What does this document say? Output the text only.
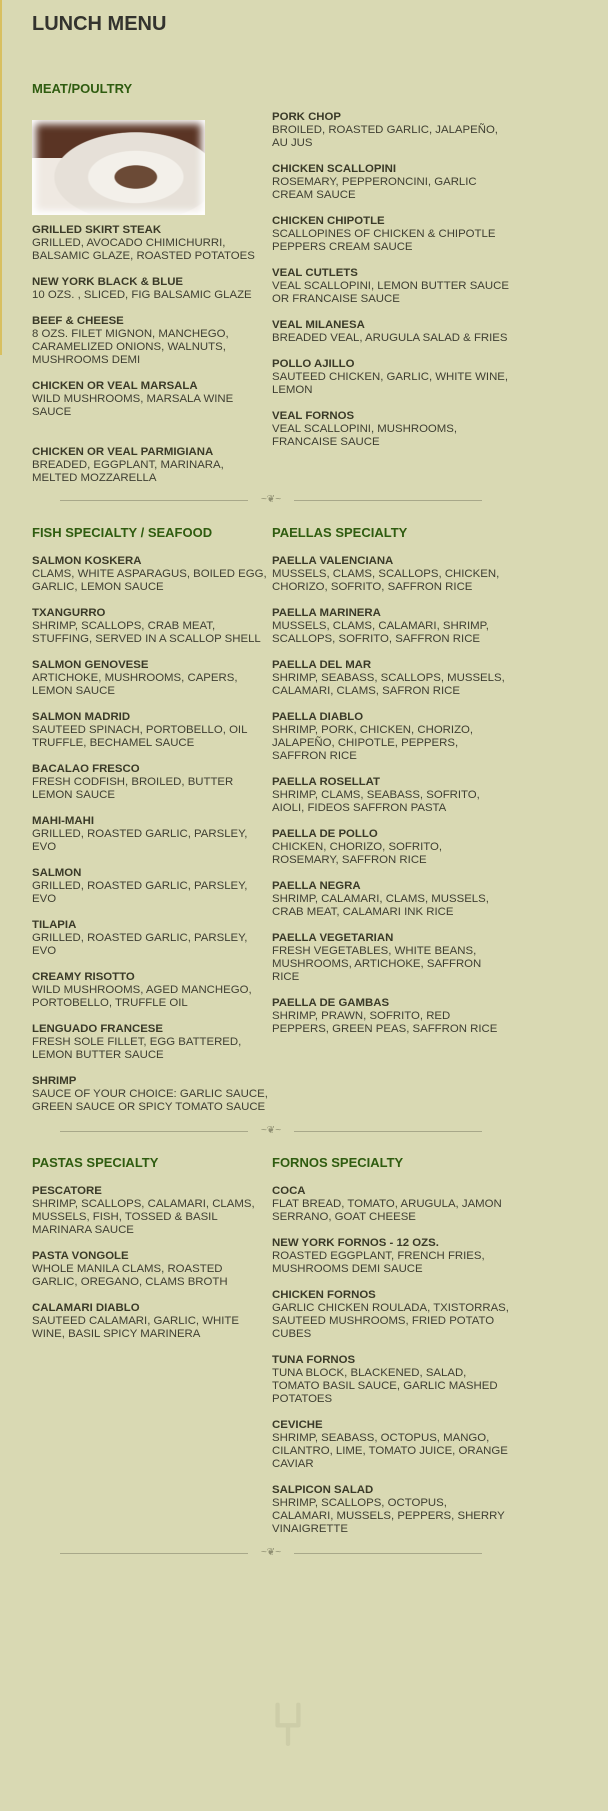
LUNCH MENU
MEAT/POULTRY
GRILLED SKIRT STEAK
GRILLED, AVOCADO CHIMICHURRI, BALSAMIC GLAZE, ROASTED POTATOES
NEW YORK BLACK & BLUE
10 OZS. , SLICED, FIG BALSAMIC GLAZE
BEEF & CHEESE
8 OZS. FILET MIGNON, MANCHEGO, CARAMELIZED ONIONS, WALNUTS, MUSHROOMS DEMI
CHICKEN OR VEAL MARSALA
WILD MUSHROOMS, MARSALA WINE SAUCE
CHICKEN OR VEAL PARMIGIANA
BREADED, EGGPLANT, MARINARA, MELTED MOZZARELLA
PORK CHOP
BROILED, ROASTED GARLIC, JALAPEÑO, AU JUS
CHICKEN SCALLOPINI
ROSEMARY, PEPPERONCINI, GARLIC CREAM SAUCE
CHICKEN CHIPOTLE
SCALLOPINES OF CHICKEN & CHIPOTLE PEPPERS CREAM SAUCE
VEAL CUTLETS
VEAL SCALLOPINI, LEMON BUTTER SAUCE OR FRANCAISE SAUCE
VEAL MILANESA
BREADED VEAL, ARUGULA SALAD & FRIES
POLLO AJILLO
SAUTEED CHICKEN, GARLIC, WHITE WINE, LEMON
VEAL FORNOS
VEAL SCALLOPINI, MUSHROOMS, FRANCAISE SAUCE
~❦~
FISH SPECIALTY / SEAFOOD	PAELLAS SPECIALTY
SALMON KOSKERA
CLAMS, WHITE ASPARAGUS, BOILED EGG, GARLIC, LEMON SAUCE
TXANGURRO
SHRIMP, SCALLOPS, CRAB MEAT, STUFFING, SERVED IN A SCALLOP SHELL
SALMON GENOVESE
ARTICHOKE, MUSHROOMS, CAPERS, LEMON SAUCE
SALMON MADRID
SAUTEED SPINACH, PORTOBELLO, OIL TRUFFLE, BECHAMEL SAUCE
BACALAO FRESCO
FRESH CODFISH, BROILED, BUTTER LEMON SAUCE
MAHI-MAHI
GRILLED, ROASTED GARLIC, PARSLEY, EVO
SALMON
GRILLED, ROASTED GARLIC, PARSLEY, EVO
TILAPIA
GRILLED, ROASTED GARLIC, PARSLEY, EVO
CREAMY RISOTTO
WILD MUSHROOMS, AGED MANCHEGO, PORTOBELLO, TRUFFLE OIL
LENGUADO FRANCESE
FRESH SOLE FILLET, EGG BATTERED, LEMON BUTTER SAUCE
SHRIMP
SAUCE OF YOUR CHOICE: GARLIC SAUCE, GREEN SAUCE OR SPICY TOMATO SAUCE
PAELLA VALENCIANA
MUSSELS, CLAMS, SCALLOPS, CHICKEN, CHORIZO, SOFRITO, SAFFRON RICE
PAELLA MARINERA
MUSSELS, CLAMS, CALAMARI, SHRIMP, SCALLOPS, SOFRITO, SAFFRON RICE
PAELLA DEL MAR
SHRIMP, SEABASS, SCALLOPS, MUSSELS, CALAMARI, CLAMS, SAFRON RICE
PAELLA DIABLO
SHRIMP, PORK, CHICKEN, CHORIZO, JALAPEÑO, CHIPOTLE, PEPPERS, SAFFRON RICE
PAELLA ROSELLAT
SHRIMP, CLAMS, SEABASS, SOFRITO, AIOLI, FIDEOS SAFFRON PASTA
PAELLA DE POLLO
CHICKEN, CHORIZO, SOFRITO, ROSEMARY, SAFFRON RICE
PAELLA NEGRA
SHRIMP, CALAMARI, CLAMS, MUSSELS, CRAB MEAT, CALAMARI INK RICE
PAELLA VEGETARIAN
FRESH VEGETABLES, WHITE BEANS, MUSHROOMS, ARTICHOKE, SAFFRON RICE
PAELLA DE GAMBAS
SHRIMP, PRAWN, SOFRITO, RED PEPPERS, GREEN PEAS, SAFFRON RICE
~❦~
⑂
PASTAS SPECIALTY	FORNOS SPECIALTY
PESCATORE
SHRIMP, SCALLOPS, CALAMARI, CLAMS, MUSSELS, FISH, TOSSED & BASIL MARINARA SAUCE
PASTA VONGOLE
WHOLE MANILA CLAMS, ROASTED GARLIC, OREGANO, CLAMS BROTH
CALAMARI DIABLO
SAUTEED CALAMARI, GARLIC, WHITE WINE, BASIL SPICY MARINERA
COCA
FLAT BREAD, TOMATO, ARUGULA, JAMON SERRANO, GOAT CHEESE
NEW YORK FORNOS - 12 OZS.
ROASTED EGGPLANT, FRENCH FRIES, MUSHROOMS DEMI SAUCE
CHICKEN FORNOS
GARLIC CHICKEN ROULADA, TXISTORRAS, SAUTEED MUSHROOMS, FRIED POTATO CUBES
TUNA FORNOS
TUNA BLOCK, BLACKENED, SALAD, TOMATO BASIL SAUCE, GARLIC MASHED POTATOES
CEVICHE
SHRIMP, SEABASS, OCTOPUS, MANGO, CILANTRO, LIME, TOMATO JUICE, ORANGE CAVIAR
SALPICON SALAD
SHRIMP, SCALLOPS, OCTOPUS, CALAMARI, MUSSELS, PEPPERS, SHERRY VINAIGRETTE
~❦~
